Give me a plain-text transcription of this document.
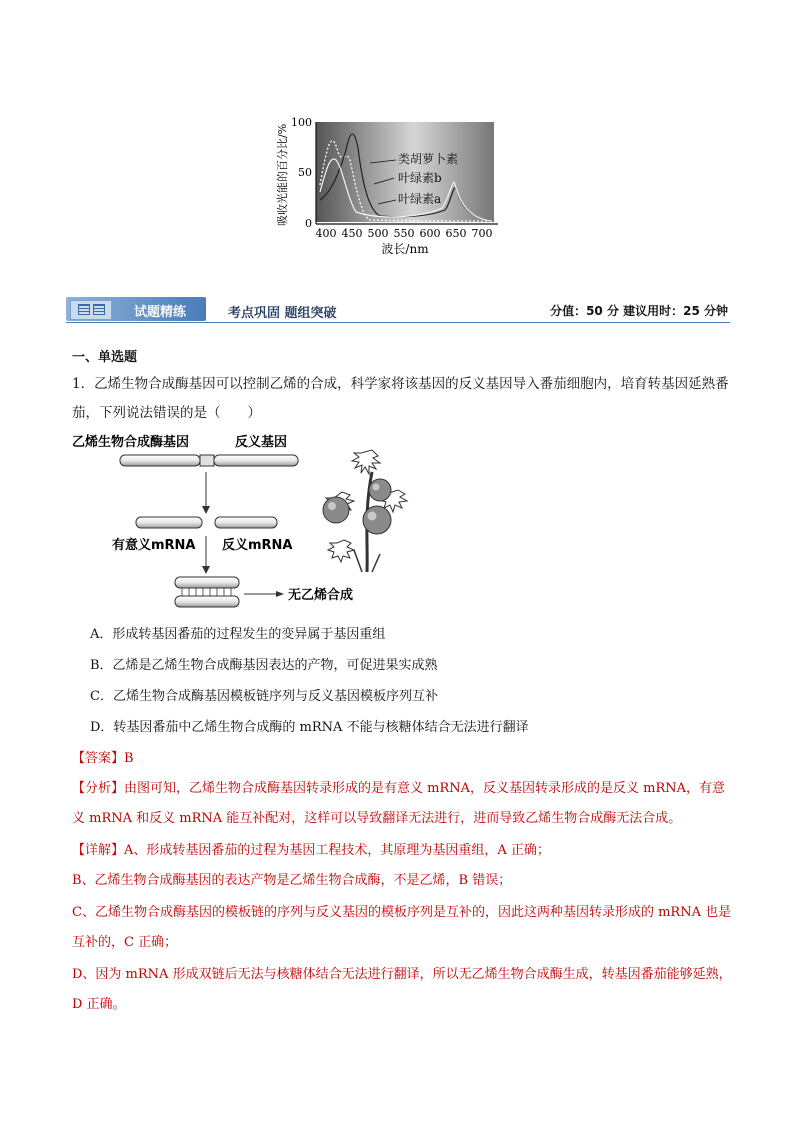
类胡萝卜素
叶绿素b
叶绿素a
100
50
0
400 450 500 550 600 650 700
波长/nm
吸收光能的百分比/%
试题精练	考点巩固 题组突破	分值：50 分 建议用时：25 分钟
一、单选题
1．乙烯生物合成酶基因可以控制乙烯的合成，科学家将该基因的反义基因导入番茄细胞内，培育转基因延熟番茄，下列说法错误的是（　　）
乙烯生物合成酶基因	反义基因
有意义mRNA 反义mRNA
无乙烯合成
A．形成转基因番茄的过程发生的变异属于基因重组
B．乙烯是乙烯生物合成酶基因表达的产物，可促进果实成熟
C．乙烯生物合成酶基因模板链序列与反义基因模板序列互补
D．转基因番茄中乙烯生物合成酶的 mRNA 不能与核糖体结合无法进行翻译
【答案】B
【分析】由图可知，乙烯生物合成酶基因转录形成的是有意义 mRNA，反义基因转录形成的是反义 mRNA，有意义 mRNA 和反义 mRNA 能互补配对，这样可以导致翻译无法进行，进而导致乙烯生物合成酶无法合成。
【详解】A、形成转基因番茄的过程为基因工程技术，其原理为基因重组，A 正确；
B、乙烯生物合成酶基因的表达产物是乙烯生物合成酶，不是乙烯，B 错误；
C、乙烯生物合成酶基因的模板链的序列与反义基因的模板序列是互补的，因此这两种基因转录形成的 mRNA 也是互补的，C 正确；
D、因为 mRNA 形成双链后无法与核糖体结合无法进行翻译，所以无乙烯生物合成酶生成，转基因番茄能够延熟，D 正确。
